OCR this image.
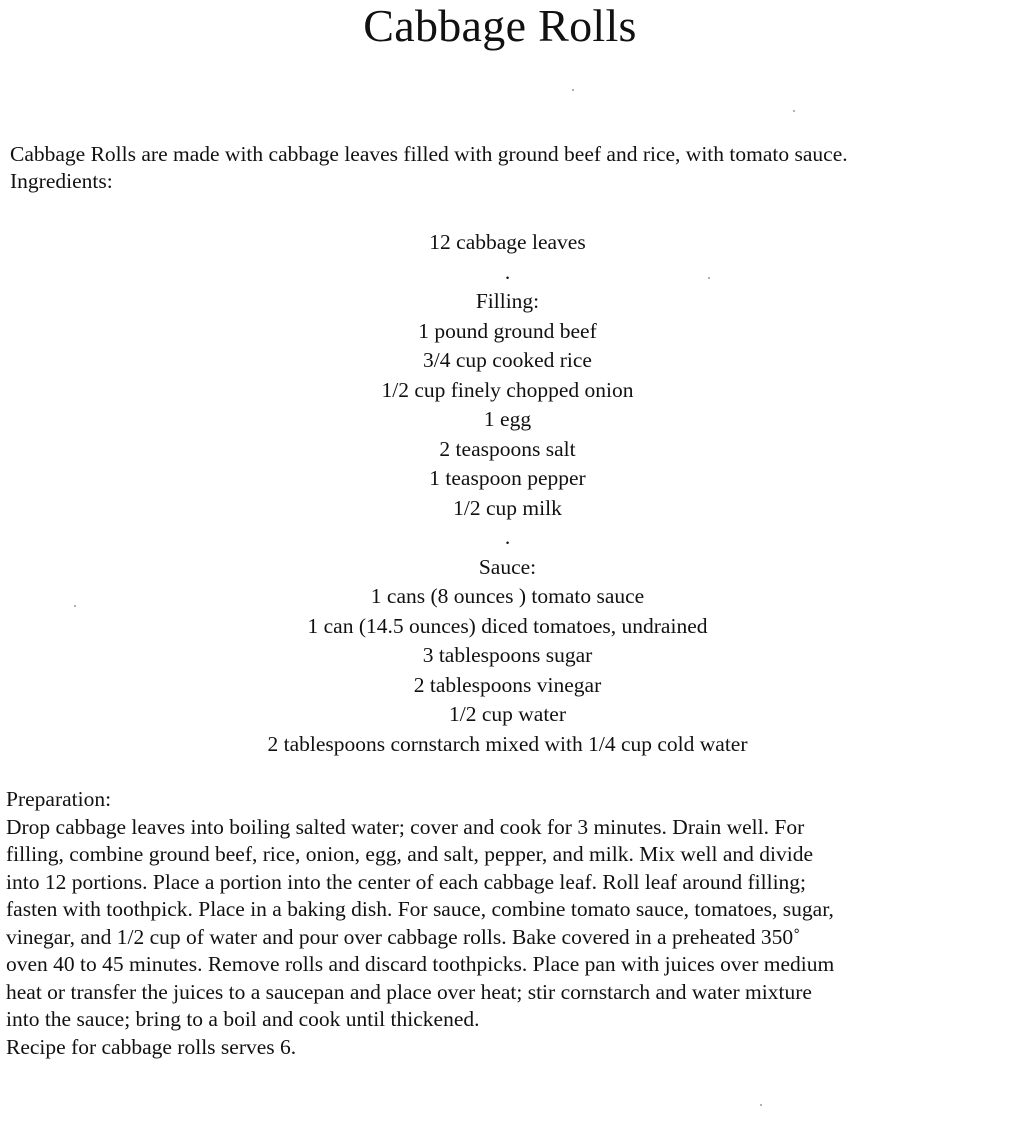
Cabbage Rolls
Cabbage Rolls are made with cabbage leaves filled with ground beef and rice, with tomato sauce.
Ingredients:
12 cabbage leaves
.
Filling:
1 pound ground beef
3/4 cup cooked rice
1/2 cup finely chopped onion
1 egg
2 teaspoons salt
1 teaspoon pepper
1/2 cup milk
.
Sauce:
1 cans (8 ounces ) tomato sauce
1 can (14.5 ounces) diced tomatoes, undrained
3 tablespoons sugar
2 tablespoons vinegar
1/2 cup water
2 tablespoons cornstarch mixed with 1/4 cup cold water

Preparation:

Drop cabbage leaves into boiling salted water; cover and cook for 3 minutes. Drain well. For

filling, combine ground beef, rice, onion, egg, and salt, pepper, and milk. Mix well and divide

into 12 portions. Place a portion into the center of each cabbage leaf. Roll leaf around filling;

fasten with toothpick. Place in a baking dish. For sauce, combine tomato sauce, tomatoes, sugar,

vinegar, and 1/2 cup of water and pour over cabbage rolls. Bake covered in a preheated 350˚

oven 40 to 45 minutes. Remove rolls and discard toothpicks. Place pan with juices over medium

heat or transfer the juices to a saucepan and place over heat; stir cornstarch and water mixture

into the sauce; bring to a boil and cook until thickened.

Recipe for cabbage rolls serves 6.
